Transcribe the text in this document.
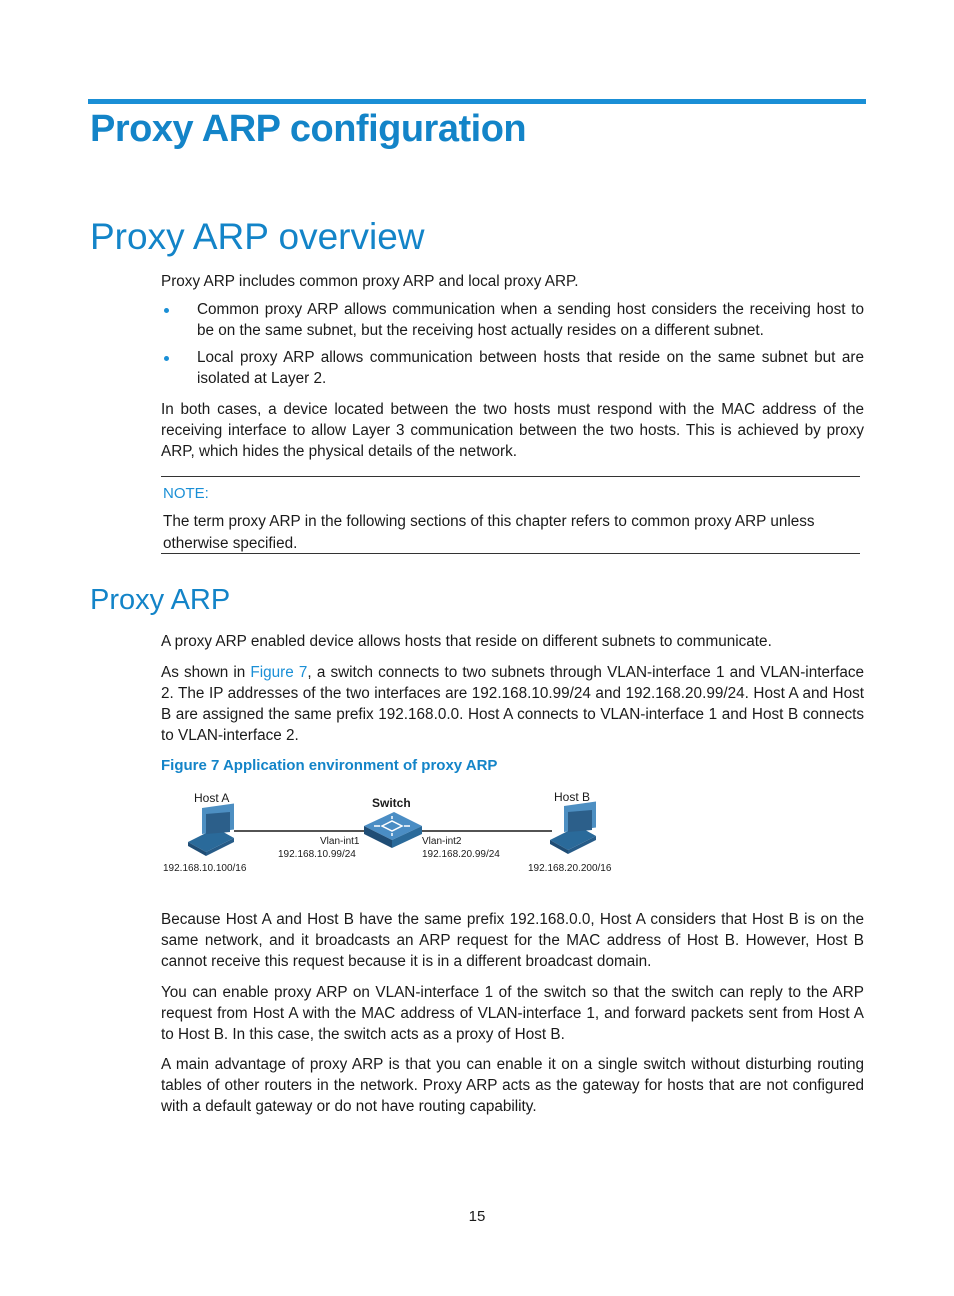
Proxy ARP configuration
Proxy ARP overview

Proxy ARP includes common proxy ARP and local proxy ARP.

Common proxy ARP allows communication when a sending host considers the receiving host to be on the same subnet, but the receiving host actually resides on a different subnet.
Local proxy ARP allows communication between hosts that reside on the same subnet but are isolated at Layer 2.

In both cases, a device located between the two hosts must respond with the MAC address of the receiving interface to allow Layer 3 communication between the two hosts. This is achieved by proxy ARP, which hides the physical details of the network.

NOTE:

The term proxy ARP in the following sections of this chapter refers to common proxy ARP unless otherwise specified.

Proxy ARP

A proxy ARP enabled device allows hosts that reside on different subnets to communicate.

As shown in Figure 7, a switch connects to two subnets through VLAN-interface 1 and VLAN-interface 2. The IP addresses of the two interfaces are 192.168.10.99/24 and 192.168.20.99/24. Host A and Host B are assigned the same prefix 192.168.0.0. Host A connects to VLAN-interface 1 and Host B connects to VLAN-interface 2.

Figure 7 Application environment of proxy ARP

Host A
192.168.10.100/16
Switch
Vlan-int1
192.168.10.99/24
Vlan-int2
192.168.20.99/24
Host B
192.168.20.200/16

Because Host A and Host B have the same prefix 192.168.0.0, Host A considers that Host B is on the same network, and it broadcasts an ARP request for the MAC address of Host B. However, Host B cannot receive this request because it is in a different broadcast domain.

You can enable proxy ARP on VLAN-interface 1 of the switch so that the switch can reply to the ARP request from Host A with the MAC address of VLAN-interface 1, and forward packets sent from Host A to Host B. In this case, the switch acts as a proxy of Host B.

A main advantage of proxy ARP is that you can enable it on a single switch without disturbing routing tables of other routers in the network. Proxy ARP acts as the gateway for hosts that are not configured with a default gateway or do not have routing capability.

15
